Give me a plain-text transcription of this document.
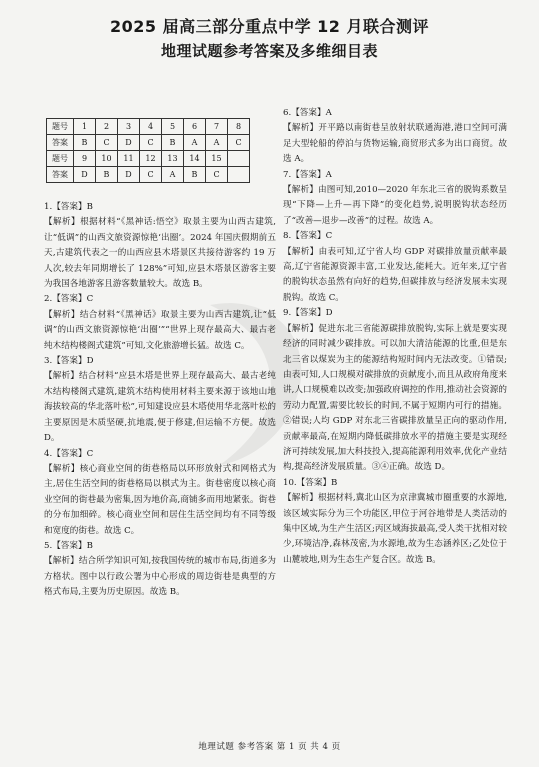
2025 届高三部分重点中学 12 月联合测评
地理试题参考答案及多维细目表
题号	1	2	3	4	5	6	7	8
答案	B	C	D	C	B	A	A	C
题号	9	10	11	12	13	14	15	
答案	D	B	D	C	A	B	C	
1.【答案】B
【解析】根据材料“《黑神话:悟空》取景主要为山西古建筑,让“低调”的山西文旅资源惊艳‘出圈’。2024 年国庆假期前五天,古建筑代表之一的山西应县木塔景区共接待游客约 19 万人次,较去年同期增长了 128%”可知,应县木塔景区游客主要为我国各地游客且游客数量较大。故选 B。
2.【答案】C
【解析】结合材料“《黑神话》取景主要为山西古建筑,让“低调”的山西文旅资源惊艳‘出圈’”“世界上现存最高大、最古老纯木结构楼阁式建筑”可知,文化旅游增长猛。故选 C。
3.【答案】D
【解析】结合材料“应县木塔是世界上现存最高大、最古老纯木结构楼阁式建筑,建筑木结构使用材料主要来源于该地山地海拔较高的华北落叶松”,可知建设应县木塔使用华北落叶松的主要原因是木质坚硬,抗地震,便于修建,但运输不方便。故选 D。
4.【答案】C
【解析】核心商业空间的街巷格局以环形放射式和网格式为主,居住生活空间的街巷格局以棋式为主。街巷密度以核心商业空间的街巷最为密集,因为地价高,商铺多而用地紧张。街巷的分布加细碎。核心商业空间和居住生活空间均有不同等级和宽度的街巷。故选 C。
5.【答案】B
【解析】结合所学知识可知,按我国传统的城市布局,街道多为方格状。图中以行政公署为中心形成的周边街巷是典型的方格式布局,主要为历史原因。故选 B。
6.【答案】A
【解析】开平路以南街巷呈放射状联通海港,港口空间可满足大型轮船的停泊与货物运输,商贸形式多为出口商贸。故选 A。
7.【答案】A
【解析】由图可知,2010—2020 年东北三省的脱钩系数呈现“下降—上升—再下降”的变化趋势,说明脱钩状态经历了“改善—退步—改善”的过程。故选 A。
8.【答案】C
【解析】由表可知,辽宁省人均 GDP 对碳排放量贡献率最高,辽宁省能源资源丰富,工业发达,能耗大。近年来,辽宁省的脱钩状态虽然有向好的趋势,但碳排放与经济发展未实现脱钩。故选 C。
9.【答案】D
【解析】促进东北三省能源碳排放脱钩,实际上就是要实现经济的同时减少碳排放。可以加大清洁能源的比重,但是东北三省以煤炭为主的能源结构短时间内无法改变。①错误;由表可知,人口规模对碳排放的贡献度小,而且从政府角度来讲,人口规模难以改变;加强政府调控的作用,推动社会资源的劳动力配置,需要比较长的时间,不属于短期内可行的措施。②错误;人均 GDP 对东北三省碳排放量呈正向的驱动作用,贡献率最高,在短期内降低碳排放水平的措施主要是实现经济可持续发展,加大科技投入,提高能源利用效率,优化产业结构,提高经济发展质量。③④正确。故选 D。
10.【答案】B
【解析】根据材料,冀北山区为京津冀城市圈重要的水源地,该区域实际分为三个功能区,甲位于河谷地带是人类活动的集中区域,为生产生活区;丙区域海拔最高,受人类干扰相对较少,环境洁净,森林茂密,为水源地,故为生态涵养区;乙处位于山麓坡地,则为生态生产复合区。故选 B。
地理试题 参考答案 第 1 页 共 4 页
